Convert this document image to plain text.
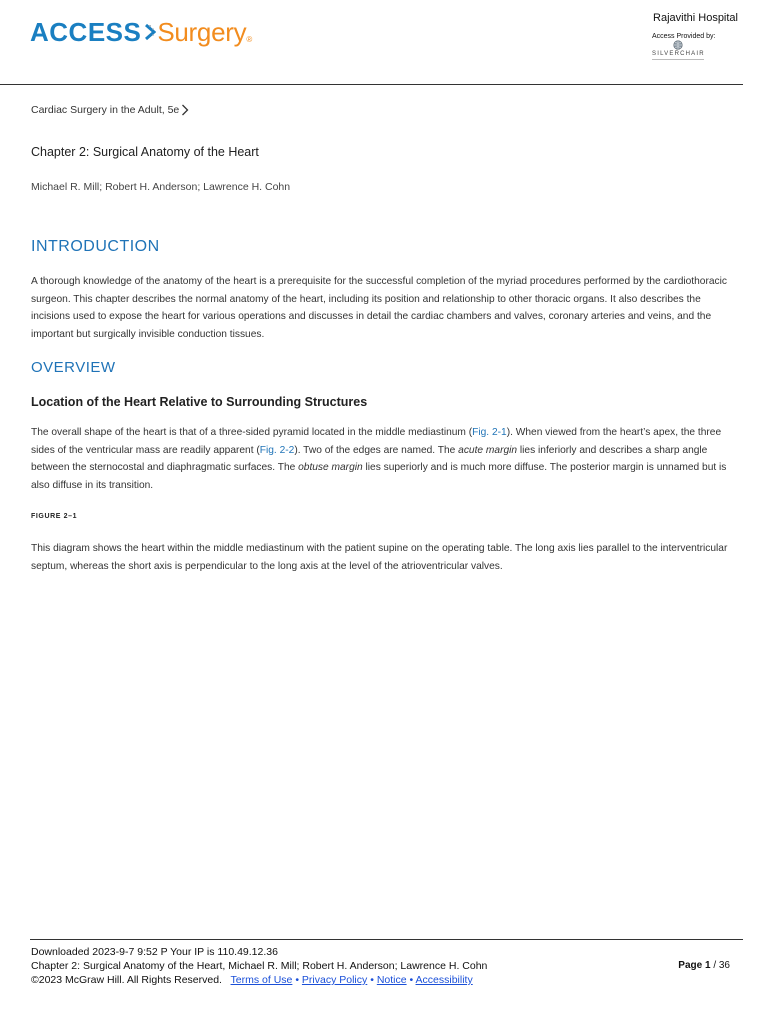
ACCESS Surgery ®
Rajavithi Hospital
Access Provided by:
SILVERCHAIR
Cardiac Surgery in the Adult, 5e
Chapter 2: Surgical Anatomy of the Heart
Michael R. Mill; Robert H. Anderson; Lawrence H. Cohn
INTRODUCTION
A thorough knowledge of the anatomy of the heart is a prerequisite for the successful completion of the myriad procedures performed by the cardiothoracic surgeon. This chapter describes the normal anatomy of the heart, including its position and relationship to other thoracic organs. It also describes the incisions used to expose the heart for various operations and discusses in detail the cardiac chambers and valves, coronary arteries and veins, and the important but surgically invisible conduction tissues.
OVERVIEW
Location of the Heart Relative to Surrounding Structures
The overall shape of the heart is that of a three-sided pyramid located in the middle mediastinum (Fig. 2-1). When viewed from the heart’s apex, the three sides of the ventricular mass are readily apparent (Fig. 2-2). Two of the edges are named. The acute margin lies inferiorly and describes a sharp angle between the sternocostal and diaphragmatic surfaces. The obtuse margin lies superiorly and is much more diffuse. The posterior margin is unnamed but is also diffuse in its transition.
FIGURE 2–1
This diagram shows the heart within the middle mediastinum with the patient supine on the operating table. The long axis lies parallel to the interventricular septum, whereas the short axis is perpendicular to the long axis at the level of the atrioventricular valves.
Downloaded 2023-9-7 9:52 P Your IP is 110.49.12.36
Chapter 2: Surgical Anatomy of the Heart, Michael R. Mill; Robert H. Anderson; Lawrence H. Cohn
©2023 McGraw Hill. All Rights Reserved. Terms of Use • Privacy Policy • Notice • Accessibility
Page 1 / 36
